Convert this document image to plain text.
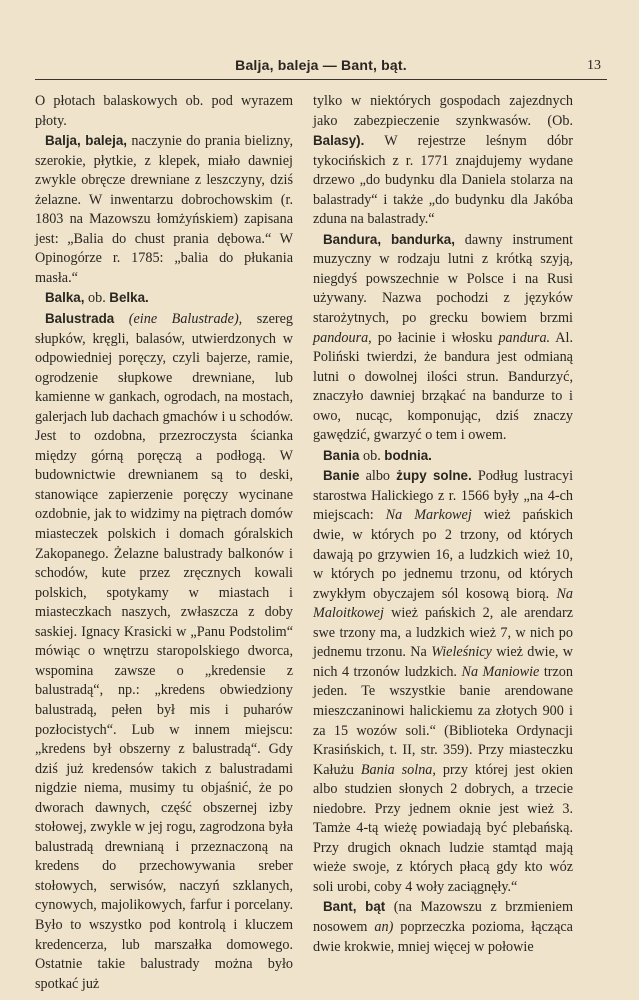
Balja, baleja — Bant, bąt.	13

O płotach balaskowych ob. pod wyrazem płoty.

Balja, baleja, naczynie do prania bielizny, szerokie, płytkie, z klepek, miało dawniej zwykle obręcze drewniane z leszczyny, dziś żelazne. W inwentarzu dobrochowskim (r. 1803 na Mazowszu łomżyńskiem) zapisana jest: „Balia do chust prania dębowa.“ W Opinogórze r. 1785: „balia do płukania masła.“

Balka, ob. Belka.

Balustrada (eine Balustrade), szereg słupków, kręgli, balasów, utwierdzonych w odpowiedniej poręczy, czyli bajerze, ramie, ogrodzenie słupkowe drewniane, lub kamienne w gankach, ogrodach, na mostach, galerjach lub dachach gmachów i u schodów. Jest to ozdobna, przezroczysta ścianka między górną poręczą a podłogą. W budownictwie drewnianem są to deski, stanowiące zapierzenie poręczy wycinane ozdobnie, jak to widzimy na piętrach domów miasteczek polskich i domach góralskich Zakopanego. Żelazne balustrady balkonów i schodów, kute przez zręcznych kowali polskich, spotykamy w miastach i miasteczkach naszych, zwłaszcza z doby saskiej. Ignacy Krasicki w „Panu Podstolim“ mówiąc o wnętrzu staropolskiego dworca, wspomina zawsze o „kredensie z balustradą“, np.: „kredens obwiedziony balustradą, pełen był mis i puharów pozłocistych“. Lub w innem miejscu: „kredens był obszerny z balustradą“. Gdy dziś już kredensów takich z balustradami nigdzie niema, musimy tu objaśnić, że po dworach dawnych, część obszernej izby stołowej, zwykle w jej rogu, zagrodzona była balustradą drewnianą i przeznaczoną na kredens do przechowywania sreber stołowych, serwisów, naczyń szklanych, cynowych, majolikowych, farfur i porcelany. Było to wszystko pod kontrolą i kluczem kredencerza, lub marszałka domowego. Ostatnie takie balustrady można było spotkać już

tylko w niektórych gospodach zajezdnych jako zabezpieczenie szynkwasów. (Ob. Balasy). W rejestrze leśnym dóbr tykocińskich z r. 1771 znajdujemy wydane drzewo „do budynku dla Daniela stolarza na balastrady“ i także „do budynku dla Jakóba zduna na balastrady.“

Bandura, bandurka, dawny instrument muzyczny w rodzaju lutni z krótką szyją, niegdyś powszechnie w Polsce i na Rusi używany. Nazwa pochodzi z języków starożytnych, po grecku bowiem brzmi pandoura, po łacinie i włosku pandura. Al. Poliński twierdzi, że bandura jest odmianą lutni o dowolnej ilości strun. Bandurzyć, znaczyło dawniej brząkać na bandurze to i owo, nucąc, komponując, dziś znaczy gawędzić, gwarzyć o tem i owem.

Bania ob. bodnia.

Banie albo żupy solne. Podług lustracyi starostwa Halickiego z r. 1566 były „na 4-ch miejscach: Na Markowej wież pańskich dwie, w których po 2 trzony, od których dawają po grzywien 16, a ludzkich wież 10, w których po jednemu trzonu, od których zwykłym obyczajem sól kosową biorą. Na Maloitkowej wież pańskich 2, ale arendarz swe trzony ma, a ludzkich wież 7, w nich po jednemu trzonu. Na Wieleśnicy wież dwie, w nich 4 trzonów ludzkich. Na Maniowie trzon jeden. Te wszystkie banie arendowane mieszczaninowi halickiemu za złotych 900 i za 15 wozów soli.“ (Biblioteka Ordynacji Krasińskich, t. II, str. 359). Przy miasteczku Kałużu Bania solna, przy której jest okien albo studzien słonych 2 dobrych, a trzecie niedobre. Przy jednem oknie jest wież 3. Tamże 4-tą wieżę powiadają być plebańską. Przy drugich oknach ludzie stamtąd mają wieże swoje, z których płacą gdy kto wóz soli urobi, coby 4 woły zaciągnęły.“

Bant, bąt (na Mazowszu z brzmieniem nosowem an) poprzeczka pozioma, łącząca dwie krokwie, mniej więcej w połowie
